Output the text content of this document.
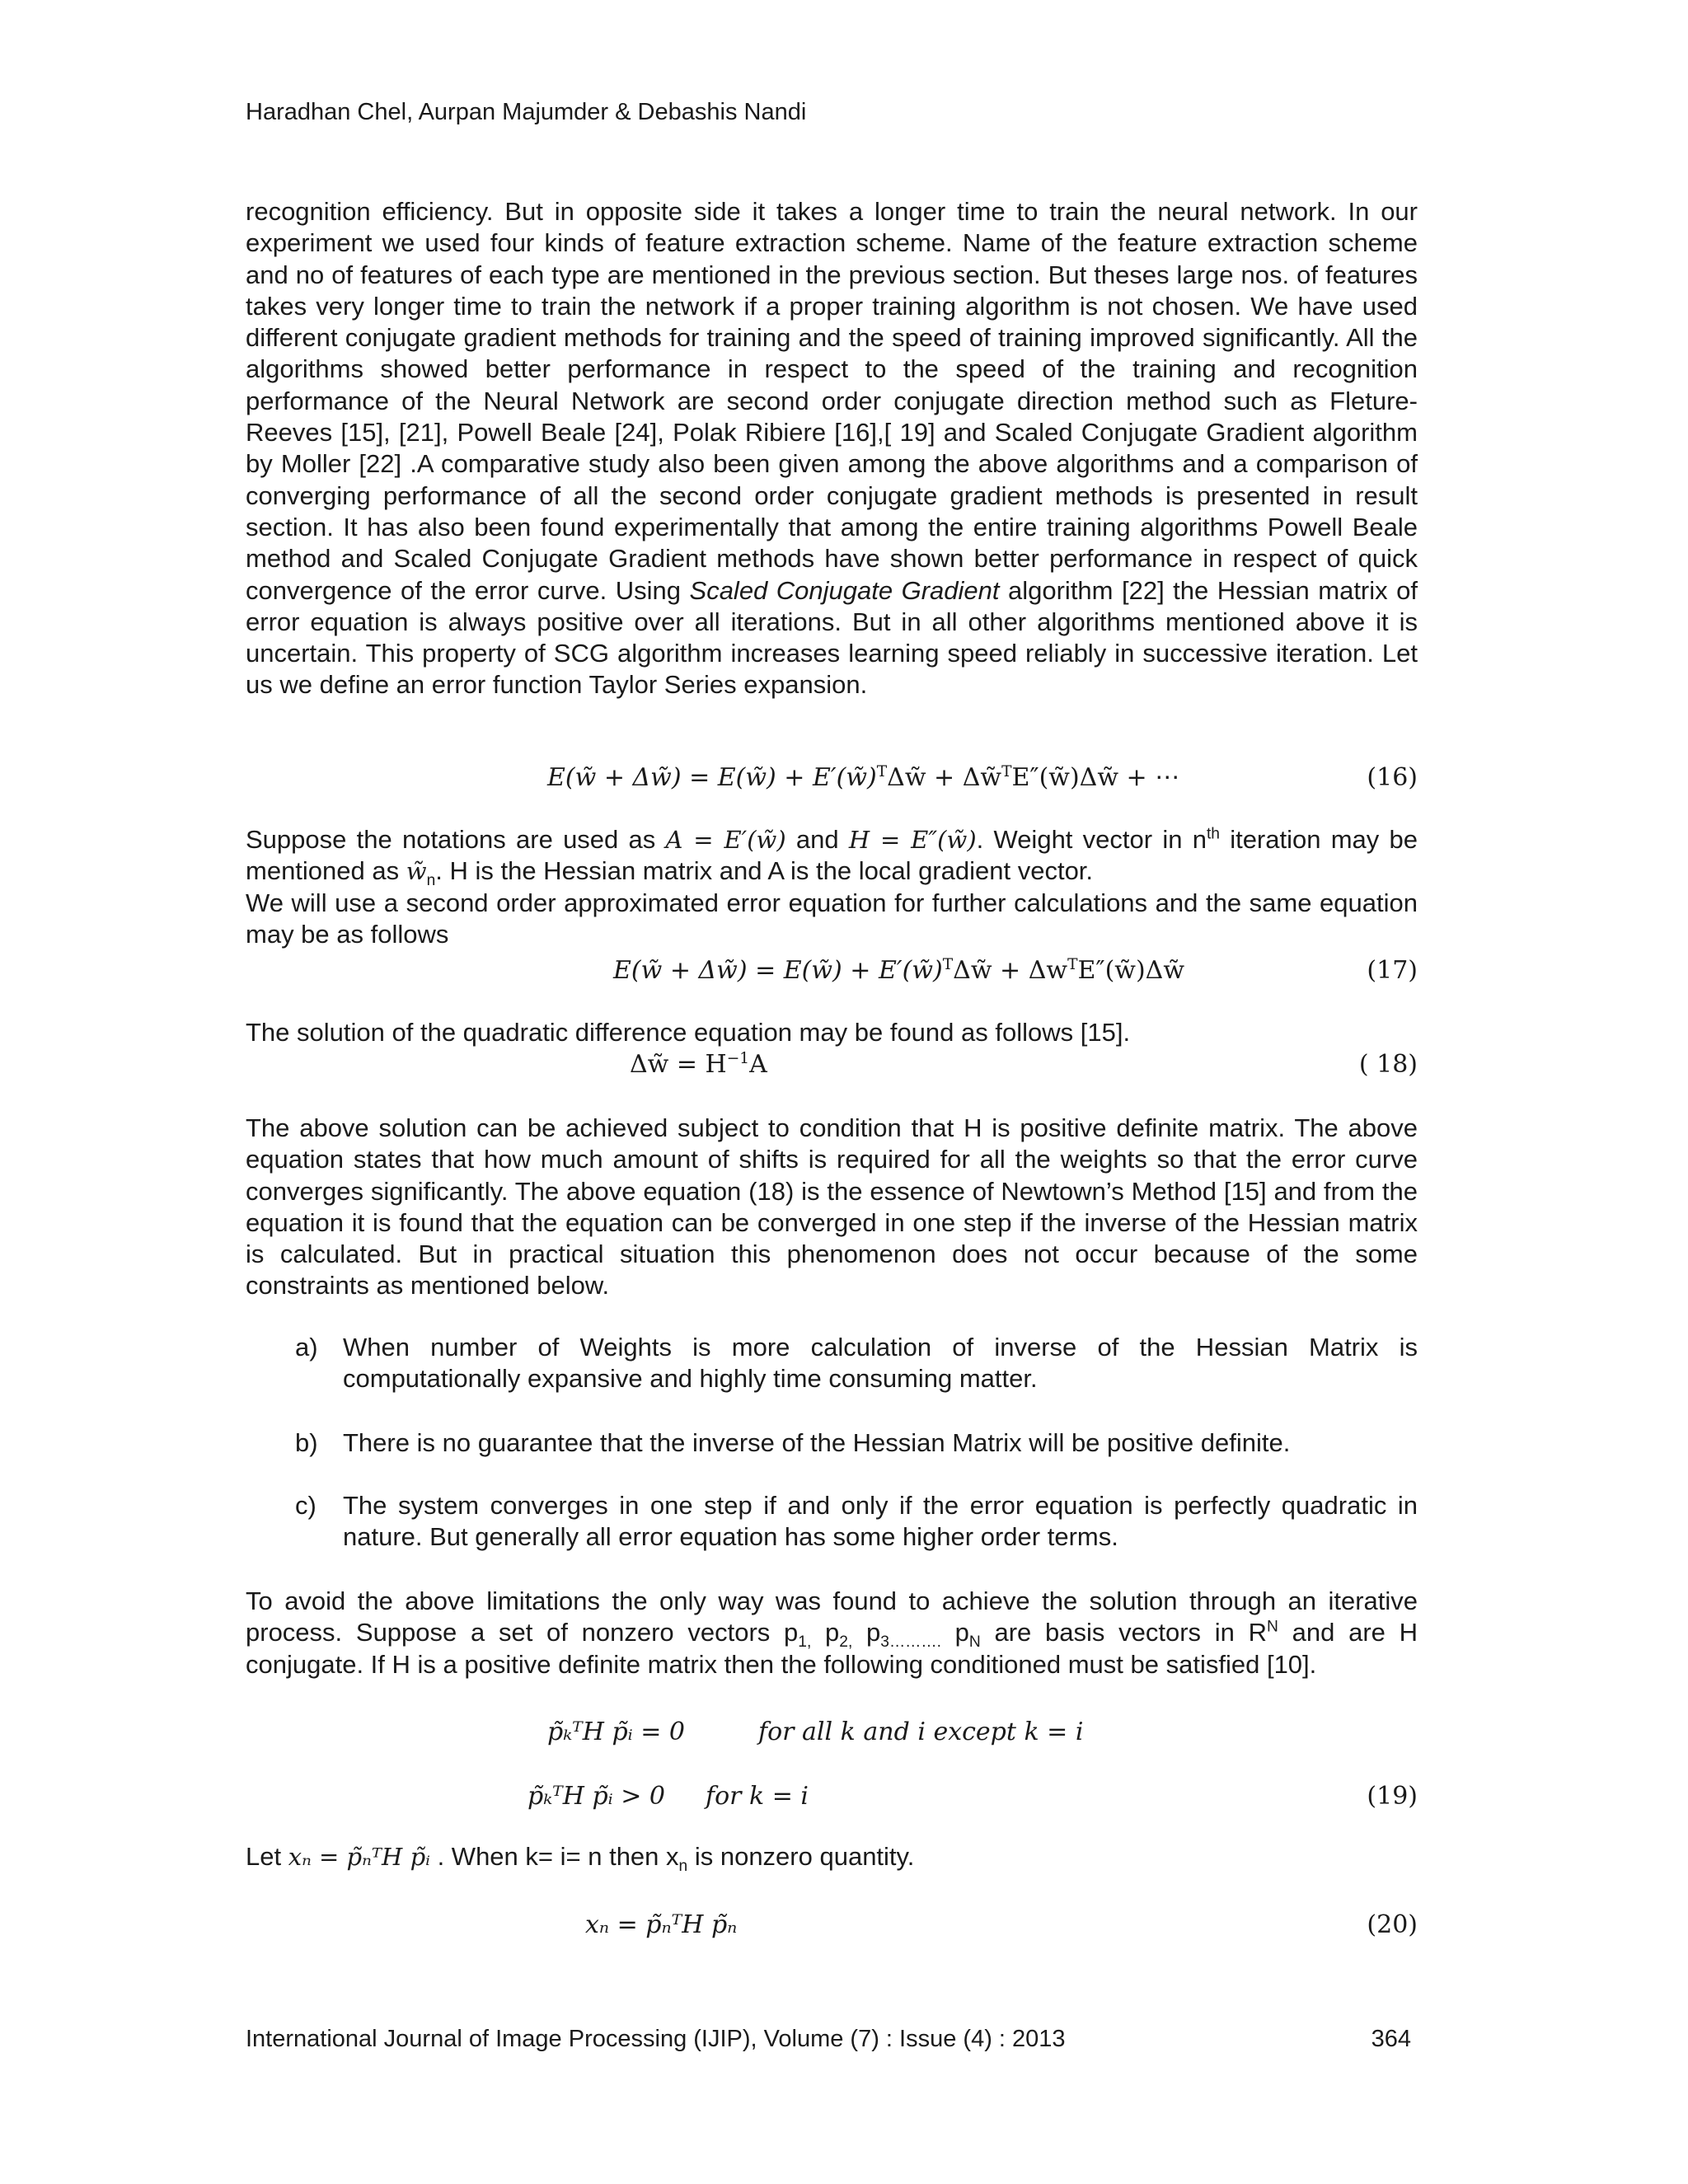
Haradhan Chel, Aurpan Majumder & Debashis Nandi

recognition efficiency. But in opposite side it takes a longer time to train the neural network. In our experiment we used four kinds of feature extraction scheme. Name of the feature extraction scheme and no of features of each type are mentioned in the previous section. But theses large nos. of features takes very longer time to train the network if a proper training algorithm is not chosen. We have used different conjugate gradient methods for training and the speed of training improved significantly. All the algorithms showed better performance in respect to the speed of the training and recognition performance of the Neural Network are second order conjugate direction method such as Fleture-Reeves [15], [21], Powell Beale [24], Polak Ribiere [16],[ 19] and Scaled Conjugate Gradient algorithm by Moller [22] .A comparative study also been given among the above algorithms and a comparison of converging performance of all the second order conjugate gradient methods is presented in result section. It has also been found experimentally that among the entire training algorithms Powell Beale method and Scaled Conjugate Gradient methods have shown better performance in respect of quick convergence of the error curve. Using Scaled Conjugate Gradient algorithm [22] the Hessian matrix of error equation is always positive over all iterations. But in all other algorithms mentioned above it is uncertain. This property of SCG algorithm increases learning speed reliably in successive iteration. Let us we define an error function Taylor Series expansion.

E(w̃ + Δw̃) = E(w̃) + E′(w̃)$^T$Δw̃ + Δw̃$^T$E″(w̃)Δw̃ + ⋯	(16)

Suppose the notations are used as A = E′(w̃) and H = E″(w̃). Weight vector in $n^{th}$ iteration may be mentioned as $w̃_n$. H is the Hessian matrix and A is the local gradient vector.

We will use a second order approximated error equation for further calculations and the same equation may be as follows

E(w̃ + Δw̃) = E(w̃) + E′(w̃)$^T$Δw̃ + $\Delta w^TE''(w̃)\Delta w̃$	(17)

The solution of the quadratic difference equation may be found as follows [15].

Δw̃ = $H^{-1}A$	( 18)

The above solution can be achieved subject to condition that H is positive definite matrix. The above equation states that how much amount of shifts is required for all the weights so that the error curve converges significantly. The above equation (18) is the essence of Newtown’s Method [15] and from the equation it is found that the equation can be converged in one step if the inverse of the Hessian matrix is calculated. But in practical situation this phenomenon does not occur because of the some constraints as mentioned below.

a) When number of Weights is more calculation of inverse of the Hessian Matrix is computationally expansive and highly time consuming matter.
b) There is no guarantee that the inverse of the Hessian Matrix will be positive definite.
c) The system converges in one step if and only if the error equation is perfectly quadratic in nature. But generally all error equation has some higher order terms.

To avoid the above limitations the only way was found to achieve the solution through an iterative process. Suppose a set of nonzero vectors $p_{1,}$ $p_{2,}$ $p_{3\dots\dots\dots.}$ $p_N$ are basis vectors in $R^N$ and are H conjugate. If H is a positive definite matrix then the following conditioned must be satisfied [10].

p̃ₖᵀH p̃ᵢ = 0	for all k and i except k = i
p̃ₖᵀH p̃ᵢ > 0 for k = i	(19)

Let xₙ = p̃ₙᵀH p̃ᵢ . When k= i= n then $x_n$ is nonzero quantity.

xₙ = p̃ₙᵀH p̃ₙ	(20)
International Journal of Image Processing (IJIP), Volume (7) : Issue (4) : 2013	364
